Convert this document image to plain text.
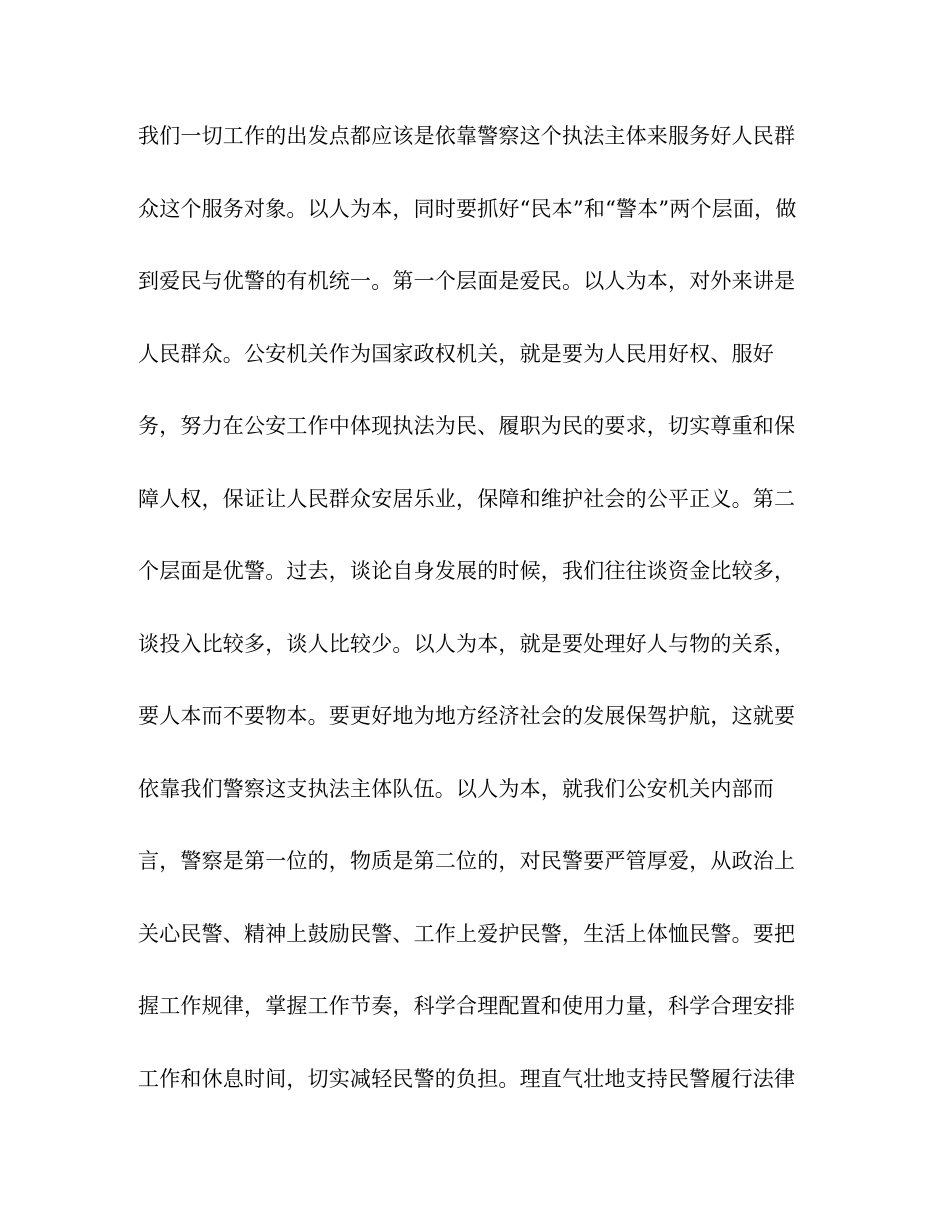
我们一切工作的出发点都应该是依靠警察这个执法主体来服务好人民群
众这个服务对象。以人为本，同时要抓好“民本”和“警本”两个层面，做
到爱民与优警的有机统一。第一个层面是爱民。以人为本，对外来讲是
人民群众。公安机关作为国家政权机关，就是要为人民用好权、服好
务，努力在公安工作中体现执法为民、履职为民的要求，切实尊重和保
障人权，保证让人民群众安居乐业，保障和维护社会的公平正义。第二
个层面是优警。过去，谈论自身发展的时候，我们往往谈资金比较多，
谈投入比较多，谈人比较少。以人为本，就是要处理好人与物的关系，
要人本而不要物本。要更好地为地方经济社会的发展保驾护航，这就要
依靠我们警察这支执法主体队伍。以人为本，就我们公安机关内部而
言，警察是第一位的，物质是第二位的，对民警要严管厚爱，从政治上
关心民警、精神上鼓励民警、工作上爱护民警，生活上体恤民警。要把
握工作规律，掌握工作节奏，科学合理配置和使用力量，科学合理安排
工作和休息时间，切实减轻民警的负担。理直气壮地支持民警履行法律
